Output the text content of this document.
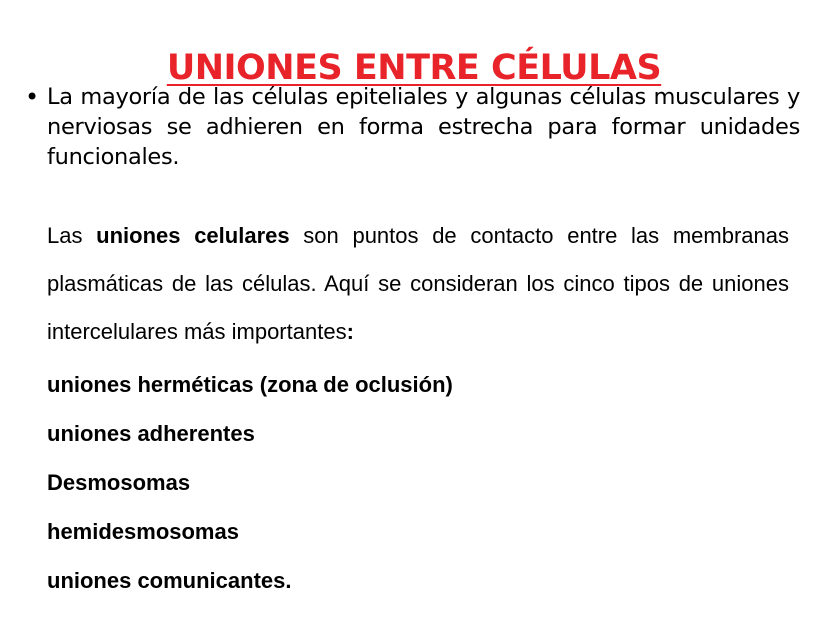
UNIONES ENTRE CÉLULAS
• La mayoría de las células epiteliales y algunas células musculares y nerviosas se adhieren en forma estrecha para formar unidades funcionales.

Las uniones celulares son puntos de contacto entre las membranas plasmáticas de las células. Aquí se consideran los cinco tipos de uniones intercelulares más importantes:

uniones herméticas (zona de oclusión)
uniones adherentes
Desmosomas
hemidesmosomas
uniones comunicantes.
